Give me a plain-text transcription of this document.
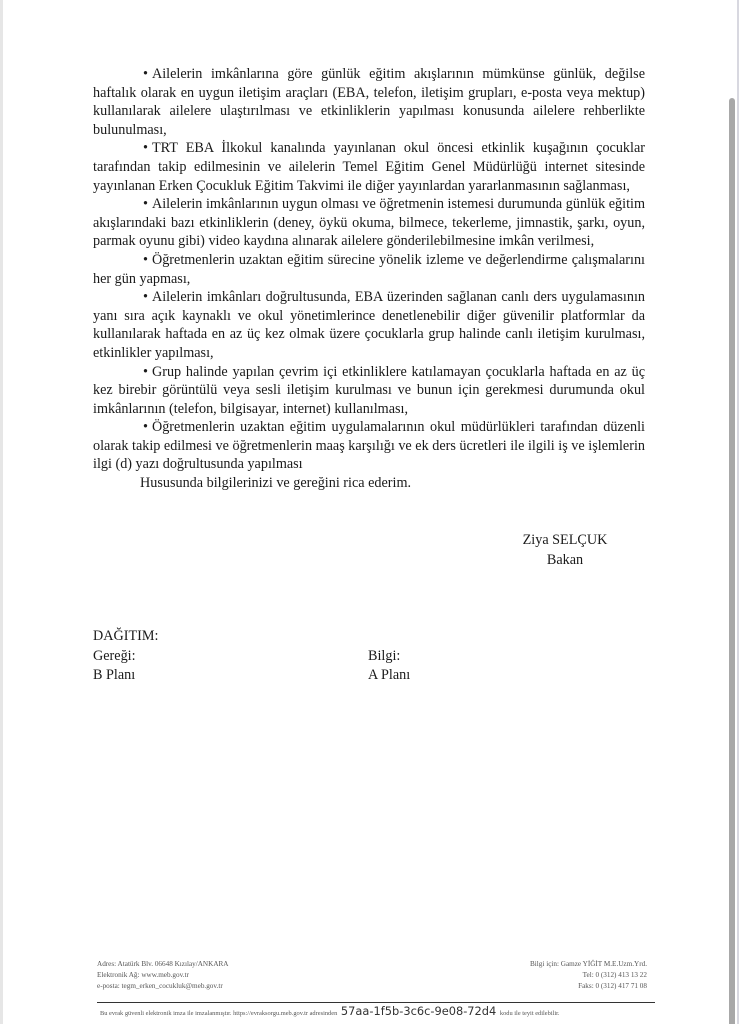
• Ailelerin imkânlarına göre günlük eğitim akışlarının mümkünse günlük, değilse haftalık olarak en uygun iletişim araçları (EBA, telefon, iletişim grupları, e-posta veya mektup) kullanılarak ailelere ulaştırılması ve etkinliklerin yapılması konusunda ailelere rehberlikte bulunulması,

• TRT EBA İlkokul kanalında yayınlanan okul öncesi etkinlik kuşağının çocuklar tarafından takip edilmesinin ve ailelerin Temel Eğitim Genel Müdürlüğü internet sitesinde yayınlanan Erken Çocukluk Eğitim Takvimi ile diğer yayınlardan yararlanmasının sağlanması,

• Ailelerin imkânlarının uygun olması ve öğretmenin istemesi durumunda günlük eğitim akışlarındaki bazı etkinliklerin (deney, öykü okuma, bilmece, tekerleme, jimnastik, şarkı, oyun, parmak oyunu gibi) video kaydına alınarak ailelere gönderilebilmesine imkân verilmesi,

• Öğretmenlerin uzaktan eğitim sürecine yönelik izleme ve değerlendirme çalışmalarını her gün yapması,

• Ailelerin imkânları doğrultusunda, EBA üzerinden sağlanan canlı ders uygulamasının yanı sıra açık kaynaklı ve okul yönetimlerince denetlenebilir diğer güvenilir platformlar da kullanılarak haftada en az üç kez olmak üzere çocuklarla grup halinde canlı iletişim kurulması, etkinlikler yapılması,

• Grup halinde yapılan çevrim içi etkinliklere katılamayan çocuklarla haftada en az üç kez birebir görüntülü veya sesli iletişim kurulması ve bunun için gerekmesi durumunda okul imkânlarının (telefon, bilgisayar, internet) kullanılması,

• Öğretmenlerin uzaktan eğitim uygulamalarının okul müdürlükleri tarafından düzenli olarak takip edilmesi ve öğretmenlerin maaş karşılığı ve ek ders ücretleri ile ilgili iş ve işlemlerin ilgi (d) yazı doğrultusunda yapılması

Hususunda bilgilerinizi ve gereğini rica ederim.

Ziya SELÇUK
Bakan
DAĞITIM:
Gereği:
B Planı
Bilgi:
A Planı
Adres: Atatürk Blv. 06648 Kızılay/ANKARA
Elektronik Ağ: www.meb.gov.tr
e-posta: tegm_erken_cocukluk@meb.gov.tr
Bilgi için: Gamze YİĞİT M.E.Uzm.Yrd.
Tel: 0 (312) 413 13 22
Faks: 0 (312) 417 71 08
Bu evrak güvenli elektronik imza ile imzalanmıştır. https://evraksorgu.meb.gov.tr adresinden 57aa-1f5b-3c6c-9e08-72d4 kodu ile teyit edilebilir.
